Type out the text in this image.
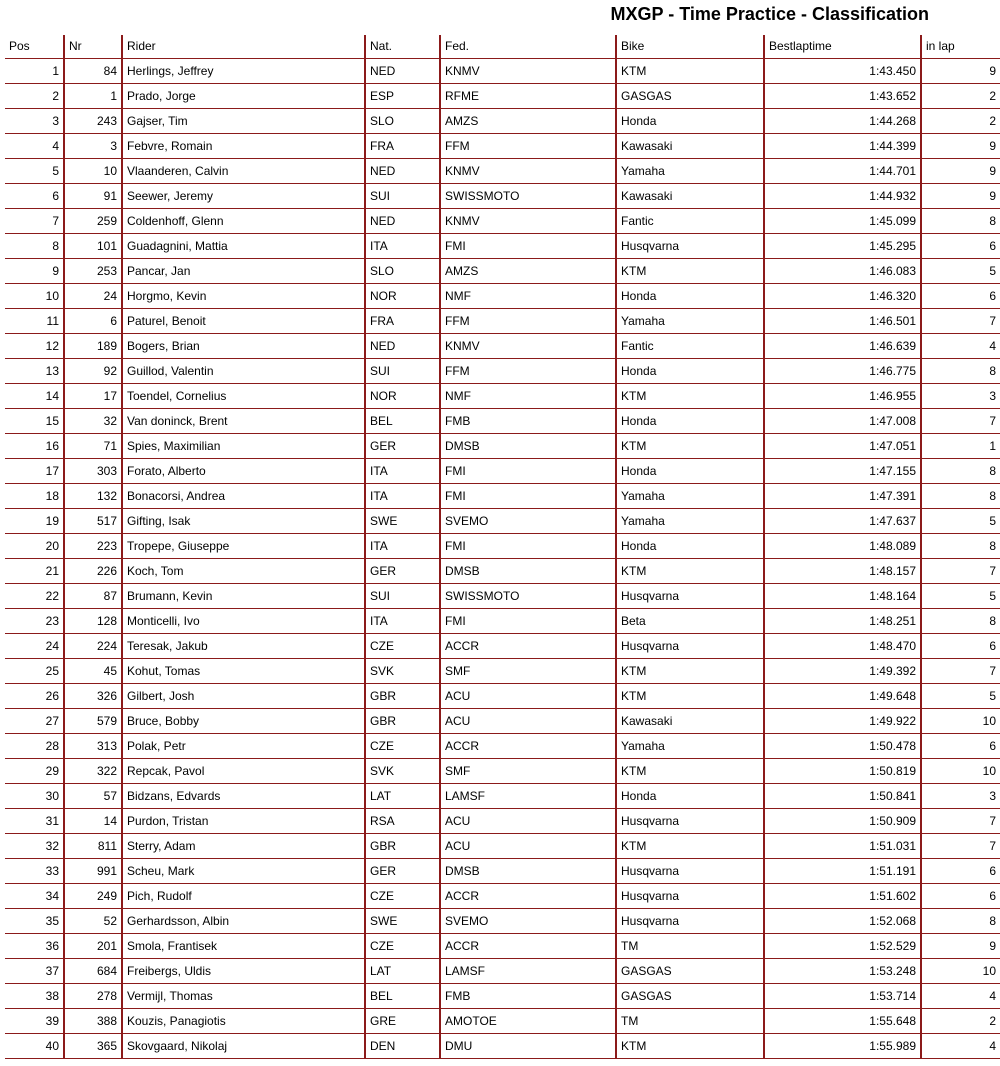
MXGP - Time Practice - Classification
Pos	Nr	Rider	Nat.	Fed.	Bike	Bestlaptime	in lap
1	84	Herlings, Jeffrey	NED	KNMV	KTM	1:43.450	9
2	1	Prado, Jorge	ESP	RFME	GASGAS	1:43.652	2
3	243	Gajser, Tim	SLO	AMZS	Honda	1:44.268	2
4	3	Febvre, Romain	FRA	FFM	Kawasaki	1:44.399	9
5	10	Vlaanderen, Calvin	NED	KNMV	Yamaha	1:44.701	9
6	91	Seewer, Jeremy	SUI	SWISSMOTO	Kawasaki	1:44.932	9
7	259	Coldenhoff, Glenn	NED	KNMV	Fantic	1:45.099	8
8	101	Guadagnini, Mattia	ITA	FMI	Husqvarna	1:45.295	6
9	253	Pancar, Jan	SLO	AMZS	KTM	1:46.083	5
10	24	Horgmo, Kevin	NOR	NMF	Honda	1:46.320	6
11	6	Paturel, Benoit	FRA	FFM	Yamaha	1:46.501	7
12	189	Bogers, Brian	NED	KNMV	Fantic	1:46.639	4
13	92	Guillod, Valentin	SUI	FFM	Honda	1:46.775	8
14	17	Toendel, Cornelius	NOR	NMF	KTM	1:46.955	3
15	32	Van doninck, Brent	BEL	FMB	Honda	1:47.008	7
16	71	Spies, Maximilian	GER	DMSB	KTM	1:47.051	1
17	303	Forato, Alberto	ITA	FMI	Honda	1:47.155	8
18	132	Bonacorsi, Andrea	ITA	FMI	Yamaha	1:47.391	8
19	517	Gifting, Isak	SWE	SVEMO	Yamaha	1:47.637	5
20	223	Tropepe, Giuseppe	ITA	FMI	Honda	1:48.089	8
21	226	Koch, Tom	GER	DMSB	KTM	1:48.157	7
22	87	Brumann, Kevin	SUI	SWISSMOTO	Husqvarna	1:48.164	5
23	128	Monticelli, Ivo	ITA	FMI	Beta	1:48.251	8
24	224	Teresak, Jakub	CZE	ACCR	Husqvarna	1:48.470	6
25	45	Kohut, Tomas	SVK	SMF	KTM	1:49.392	7
26	326	Gilbert, Josh	GBR	ACU	KTM	1:49.648	5
27	579	Bruce, Bobby	GBR	ACU	Kawasaki	1:49.922	10
28	313	Polak, Petr	CZE	ACCR	Yamaha	1:50.478	6
29	322	Repcak, Pavol	SVK	SMF	KTM	1:50.819	10
30	57	Bidzans, Edvards	LAT	LAMSF	Honda	1:50.841	3
31	14	Purdon, Tristan	RSA	ACU	Husqvarna	1:50.909	7
32	811	Sterry, Adam	GBR	ACU	KTM	1:51.031	7
33	991	Scheu, Mark	GER	DMSB	Husqvarna	1:51.191	6
34	249	Pich, Rudolf	CZE	ACCR	Husqvarna	1:51.602	6
35	52	Gerhardsson, Albin	SWE	SVEMO	Husqvarna	1:52.068	8
36	201	Smola, Frantisek	CZE	ACCR	TM	1:52.529	9
37	684	Freibergs, Uldis	LAT	LAMSF	GASGAS	1:53.248	10
38	278	Vermijl, Thomas	BEL	FMB	GASGAS	1:53.714	4
39	388	Kouzis, Panagiotis	GRE	AMOTOE	TM	1:55.648	2
40	365	Skovgaard, Nikolaj	DEN	DMU	KTM	1:55.989	4
